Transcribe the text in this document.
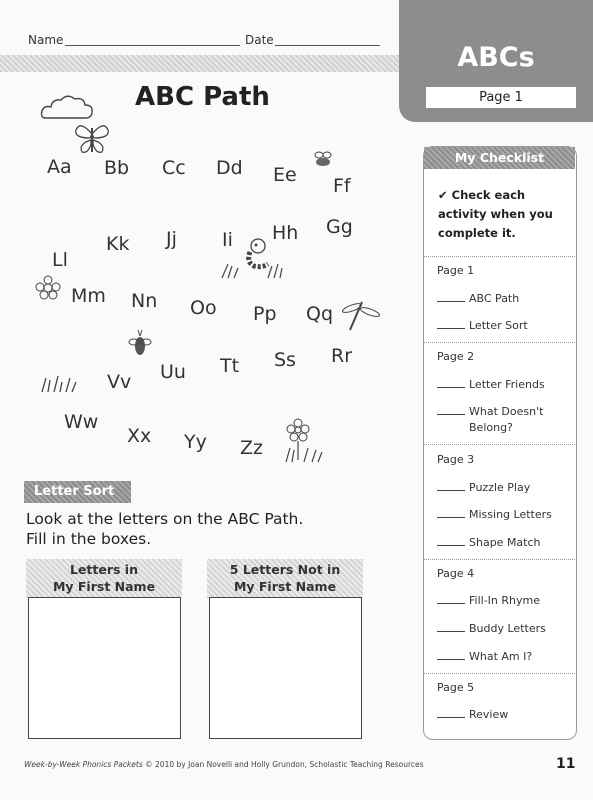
Name	Date
ABCs
Page 1
ABC Path
Aa Bb Cc Dd Ee Ff
Gg
Hh
Ii
Jj
Kk
Ll
Mm Nn Oo Pp Qq
Rr
Ss
Tt
Uu
Vv
Ww
Xx Yy Zz
Letter Sort
Look at the letters on the ABC Path.
Fill in the boxes.
Letters in
My First Name
5 Letters Not in
My First Name
My Checklist
✔ Check each activity when you complete it.
Page 1
ABC Path
Letter Sort
Page 2
Letter Friends
What Doesn't Belong?
Page 3
Puzzle Play
Missing Letters
Shape Match
Page 4
Fill-In Rhyme
Buddy Letters
What Am I?
Page 5
Review
Week-by-Week Phonics Packets © 2010 by Joan Novelli and Holly Grundon, Scholastic Teaching Resources	11
